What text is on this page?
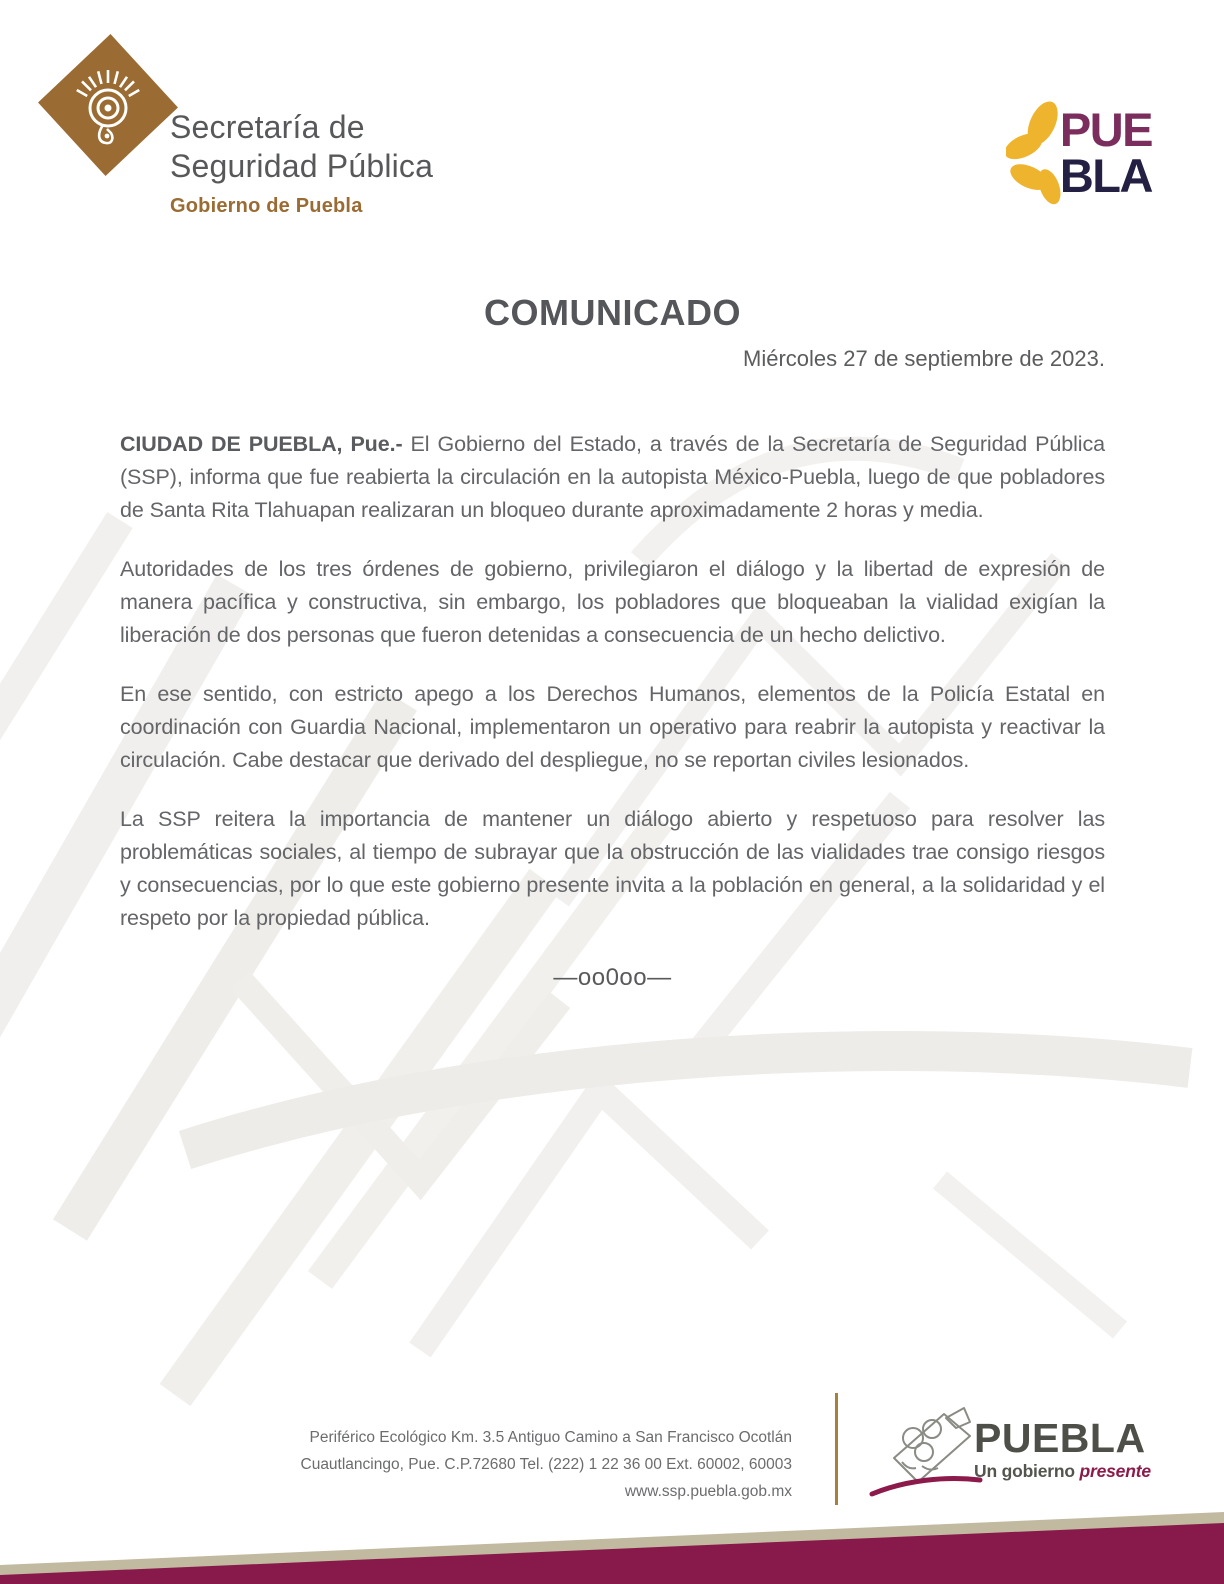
Secretaría de
Seguridad Pública
Gobierno de Puebla
PUE
BLA
COMUNICADO
Miércoles 27 de septiembre de 2023.

CIUDAD DE PUEBLA, Pue.- El Gobierno del Estado, a través de la Secretaría de Seguridad Pública (SSP), informa que fue reabierta la circulación en la autopista México-Puebla, luego de que pobladores de Santa Rita Tlahuapan realizaran un bloqueo durante aproximadamente 2 horas y media.

Autoridades de los tres órdenes de gobierno, privilegiaron el diálogo y la libertad de expresión de manera pacífica y constructiva, sin embargo, los pobladores que bloqueaban la vialidad exigían la liberación de dos personas que fueron detenidas a consecuencia de un hecho delictivo.

En ese sentido, con estricto apego a los Derechos Humanos, elementos de la Policía Estatal en coordinación con Guardia Nacional, implementaron un operativo para reabrir la autopista y reactivar la circulación. Cabe destacar que derivado del despliegue, no se reportan civiles lesionados.

La SSP reitera la importancia de mantener un diálogo abierto y respetuoso para resolver las problemáticas sociales, al tiempo de subrayar que la obstrucción de las vialidades trae consigo riesgos y consecuencias, por lo que este gobierno presente invita a la población en general, a la solidaridad y el respeto por la propiedad pública.

—oo0oo—
Periférico Ecológico Km. 3.5 Antiguo Camino a San Francisco Ocotlán
Cuautlancingo, Pue. C.P.72680 Tel. (222) 1 22 36 00 Ext. 60002, 60003
www.ssp.puebla.gob.mx
PUEBLA
Un gobierno presente
